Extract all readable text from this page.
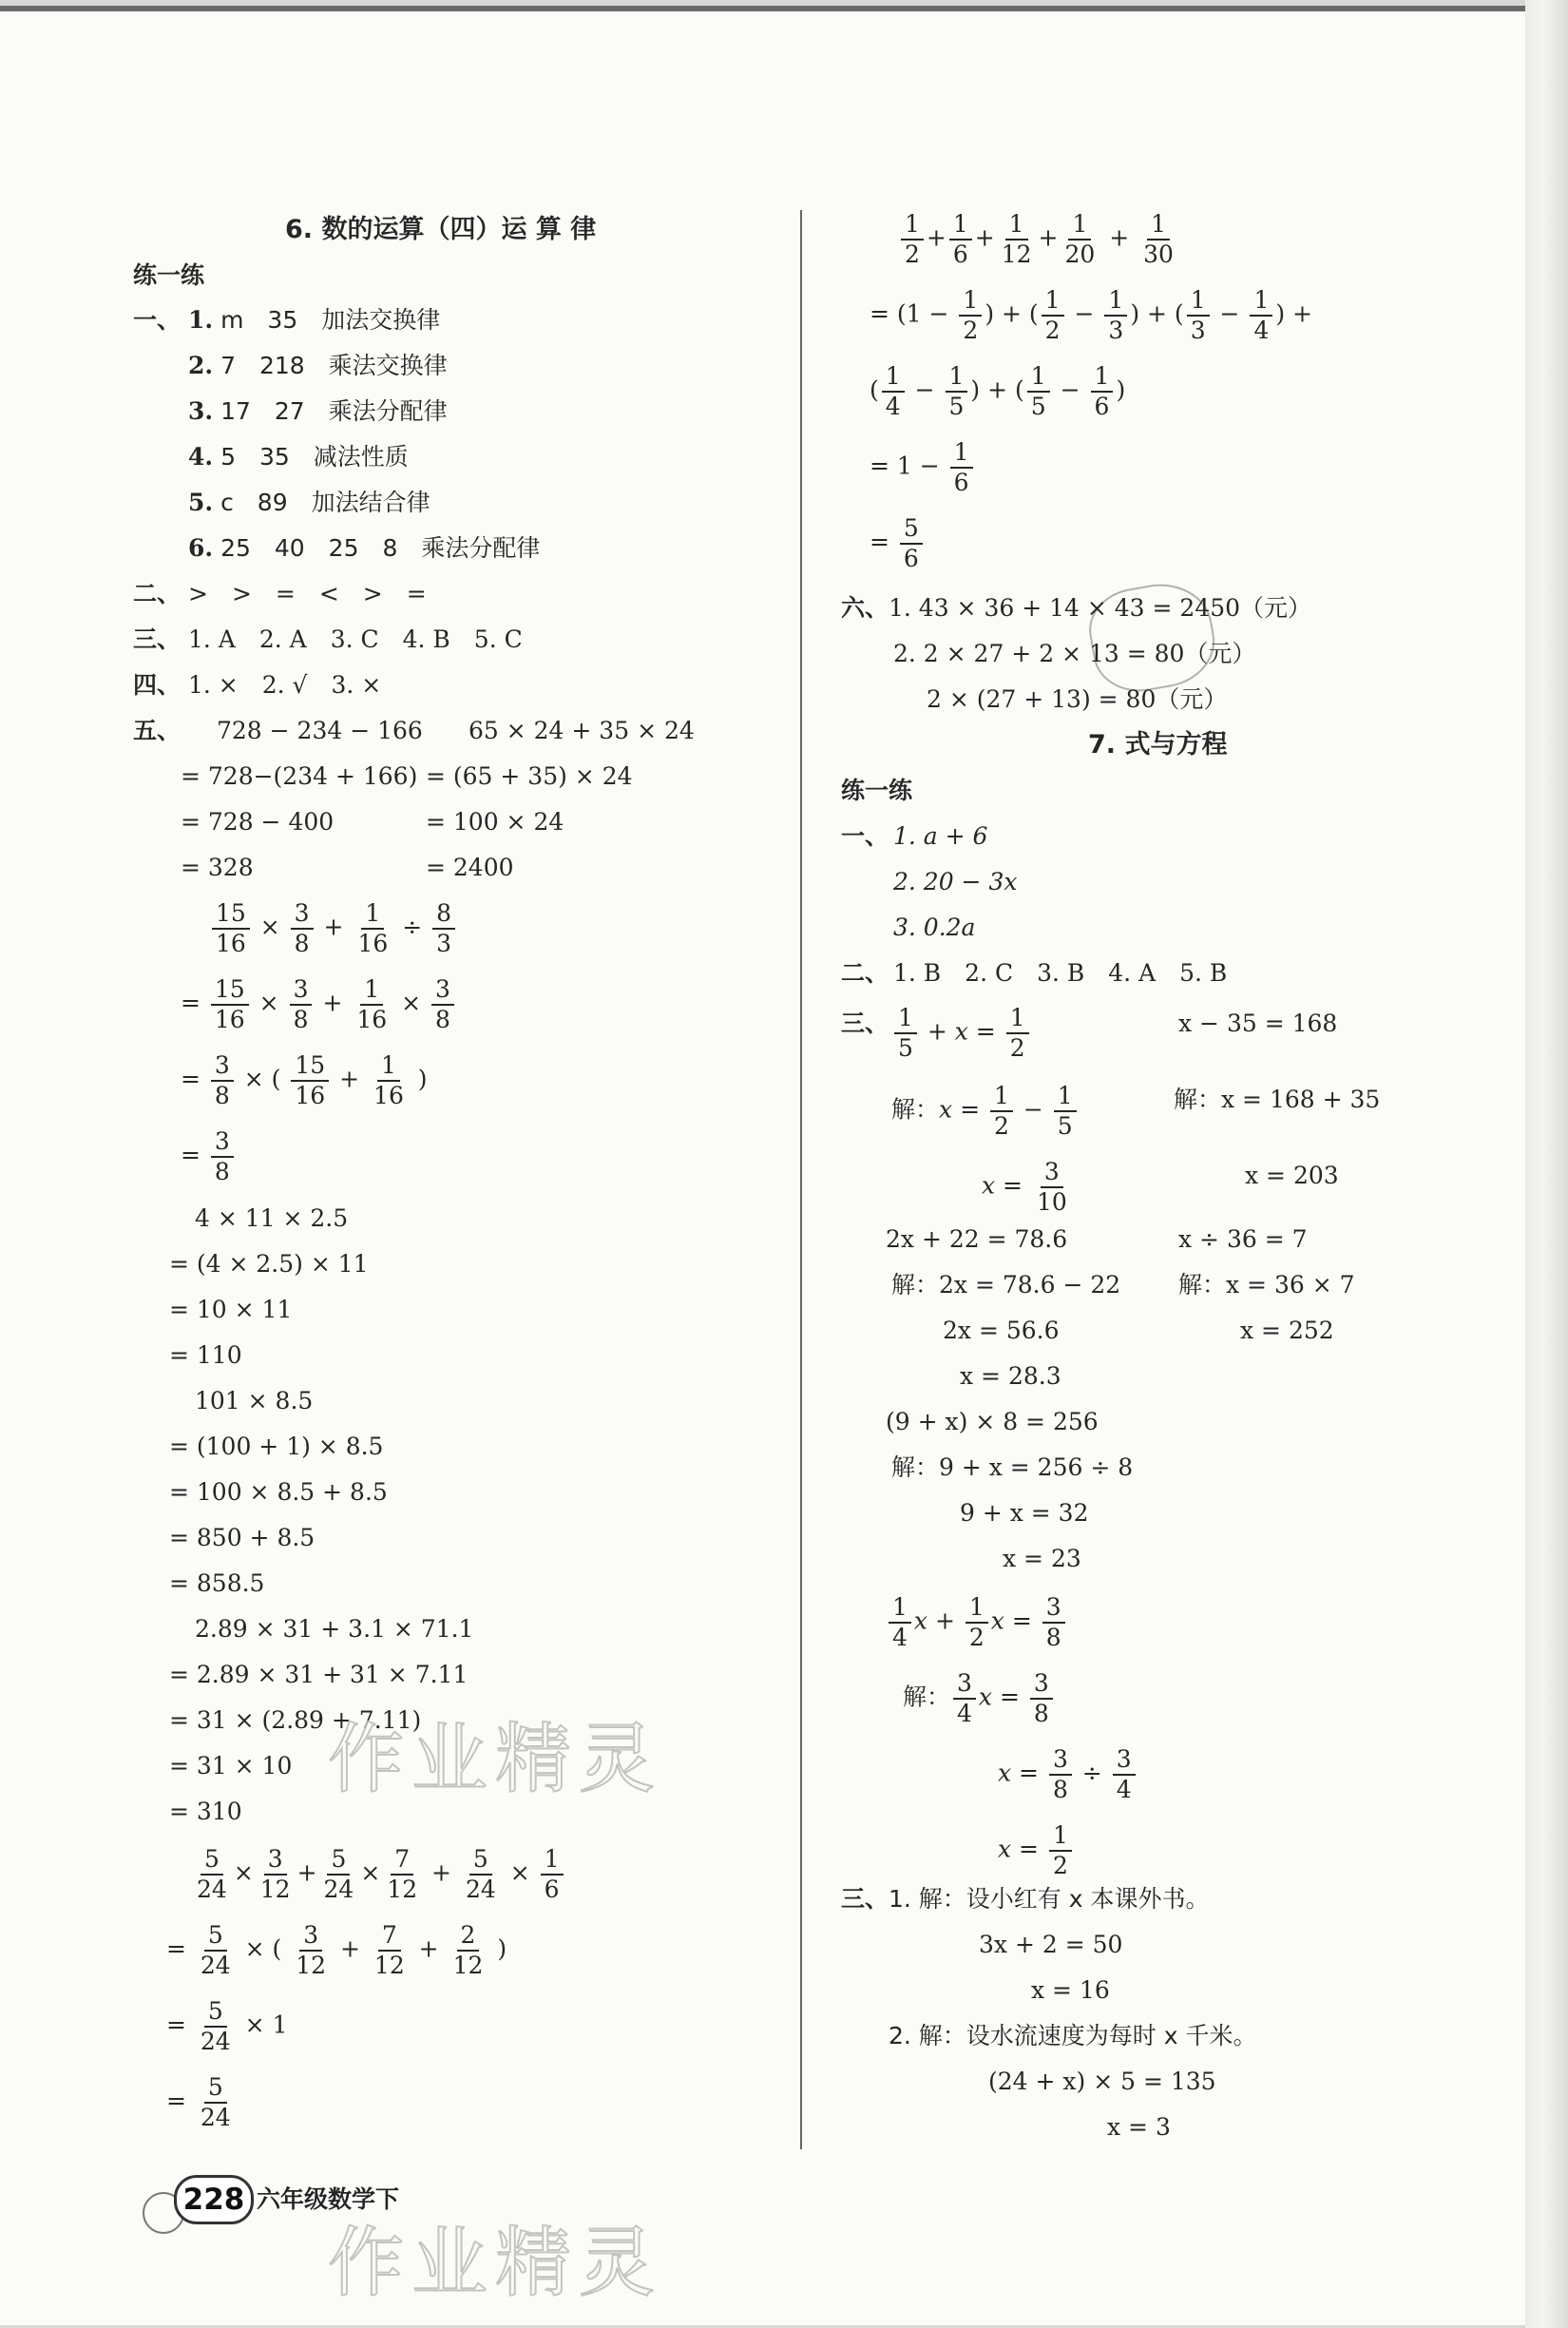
6. 数的运算（四）运 算 律
练一练
一、 1. m　35　加法交换律
2. 7　218　乘法交换律
3. 17　27　乘法分配律
4. 5　35　减法性质
5. c　89　加法结合律
6. 25　40　25　8　乘法分配律
二、 >　>　=　<　>　=
三、 1. A　2. A　3. C　4. B　5. C
四、 1. ×　2. √　3. ×
五、 728 − 234 − 166
= 728−(234 + 166)
= 728 − 400
= 328
65 × 24 + 35 × 24
= (65 + 35) × 24
= 100 × 24
= 2400
$\frac{15}{16} \times \frac{3}{8} + \frac{1}{16} \div \frac{8}{3}$
= $\frac{15}{16} \times \frac{3}{8} + \frac{1}{16} \times \frac{3}{8}$
= $\frac{3}{8}$ × ( $\frac{15}{16} + \frac{1}{16}$ )
= $\frac{3}{8}$
4 × 11 × 2.5
= (4 × 2.5) × 11
= 10 × 11
= 110
101 × 8.5
= (100 + 1) × 8.5
= 100 × 8.5 + 8.5
= 850 + 8.5
= 858.5
2.89 × 31 + 3.1 × 71.1
= 2.89 × 31 + 31 × 7.11
= 31 × (2.89 + 7.11)
= 31 × 10
= 310
$\frac{5}{24} \times \frac{3}{12} + \frac{5}{24} \times \frac{7}{12} + \frac{5}{24} \times \frac{1}{6}$
= $\frac{5}{24}$ × ( $\frac{3}{12} + \frac{7}{12} + \frac{2}{12}$ )
= $\frac{5}{24} \times 1$
= $\frac{5}{24}$
$\frac{1}{2} + \frac{1}{6} + \frac{1}{12} + \frac{1}{20} + \frac{1}{30}$
= ($1 - \frac{1}{2}$ ) + ( $\frac{1}{2} - \frac{1}{3}$ ) + ( $\frac{1}{3} - \frac{1}{4}$ ) +
( $\frac{1}{4} - \frac{1}{5}$ ) + ( $\frac{1}{5} - \frac{1}{6}$ )
= $1 - \frac{1}{6}$
= $\frac{5}{6}$
六、 1. 43 × 36 + 14 × 43 = 2450（元）
2. 2 × 27 + 2 × 13 = 80（元）
2 × (27 + 13) = 80（元）
7. 式与方程
练一练
一、 1. a + 6
2. 20 − 3x
3. 0.2a
二、 1. B　2. C　3. B　4. A　5. B
三、 $\frac{1}{5} + x = \frac{1}{2}$
解：$x = \frac{1}{2} - \frac{1}{5}$
$x = \frac{3}{10}$
x − 35 = 168
解：x = 168 + 35
x = 203
2x + 22 = 78.6
解：2x = 78.6 − 22
2x = 56.6
x = 28.3
x ÷ 36 = 7
解：x = 36 × 7
x = 252
(9 + x) × 8 = 256
解：9 + x = 256 ÷ 8
9 + x = 32
x = 23
$\frac{1}{4}$ $x + \frac{1}{2}$ $x = \frac{3}{8}$
解： $\frac{3}{4}$ $x = \frac{3}{8}$
$x = \frac{3}{8} \div \frac{3}{4}$
$x = \frac{1}{2}$
三、 1. 解：设小红有 x 本课外书。
3x + 2 = 50
x = 16
2. 解：设水流速度为每时 x 千米。
(24 + x) × 5 = 135
x = 3
作业精灵
作业精灵
228 六年级数学下
